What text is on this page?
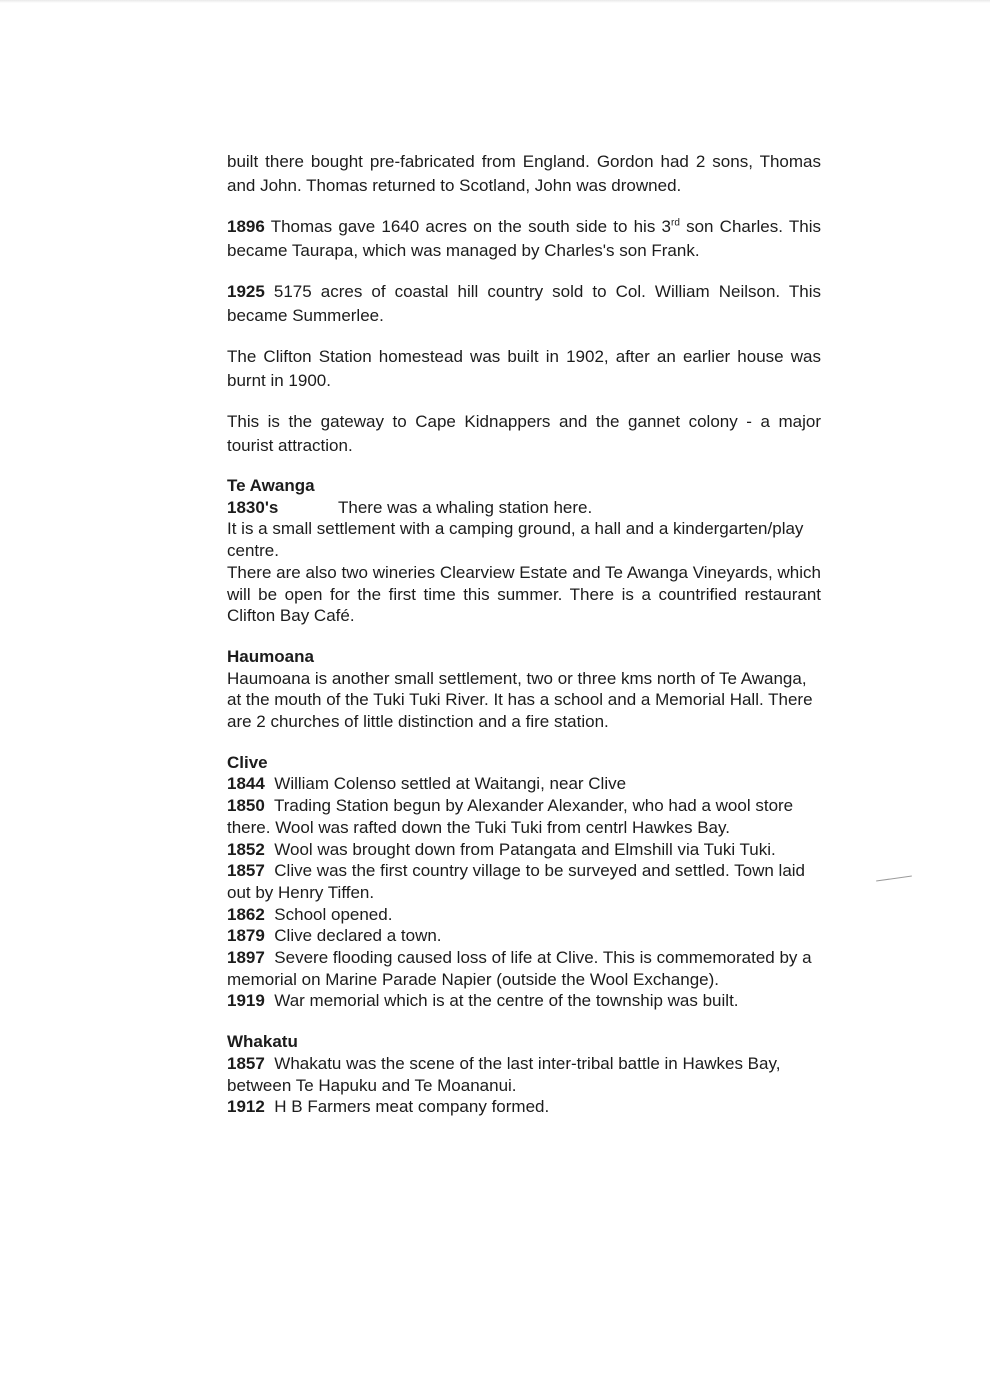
built there bought pre-fabricated from England. Gordon had 2 sons, Thomas and John. Thomas returned to Scotland, John was drowned.

1896 Thomas gave 1640 acres on the south side to his 3rd son Charles. This became Taurapa, which was managed by Charles's son Frank.

1925 5175 acres of coastal hill country sold to Col. William Neilson. This became Summerlee.

The Clifton Station homestead was built in 1902, after an earlier house was burnt in 1900.

This is the gateway to Cape Kidnappers and the gannet colony - a major tourist attraction.

Te Awanga

1830's	There was a whaling station here.

It is a small settlement with a camping ground, a hall and a kindergarten/play centre.

There are also two wineries Clearview Estate and Te Awanga Vineyards, which will be open for the first time this summer. There is a countrified restaurant Clifton Bay Café.

Haumoana

Haumoana is another small settlement, two or three kms north of Te Awanga, at the mouth of the Tuki Tuki River. It has a school and a Memorial Hall. There are 2 churches of little distinction and a fire station.

Clive

1844 William Colenso settled at Waitangi, near Clive

1850 Trading Station begun by Alexander Alexander, who had a wool store there. Wool was rafted down the Tuki Tuki from centrl Hawkes Bay.

1852 Wool was brought down from Patangata and Elmshill via Tuki Tuki.

1857 Clive was the first country village to be surveyed and settled. Town laid out by Henry Tiffen.

1862 School opened.

1879 Clive declared a town.

1897 Severe flooding caused loss of life at Clive. This is commemorated by a memorial on Marine Parade Napier (outside the Wool Exchange).

1919 War memorial which is at the centre of the township was built.

Whakatu

1857 Whakatu was the scene of the last inter-tribal battle in Hawkes Bay, between Te Hapuku and Te Moananui.

1912 H B Farmers meat company formed.
